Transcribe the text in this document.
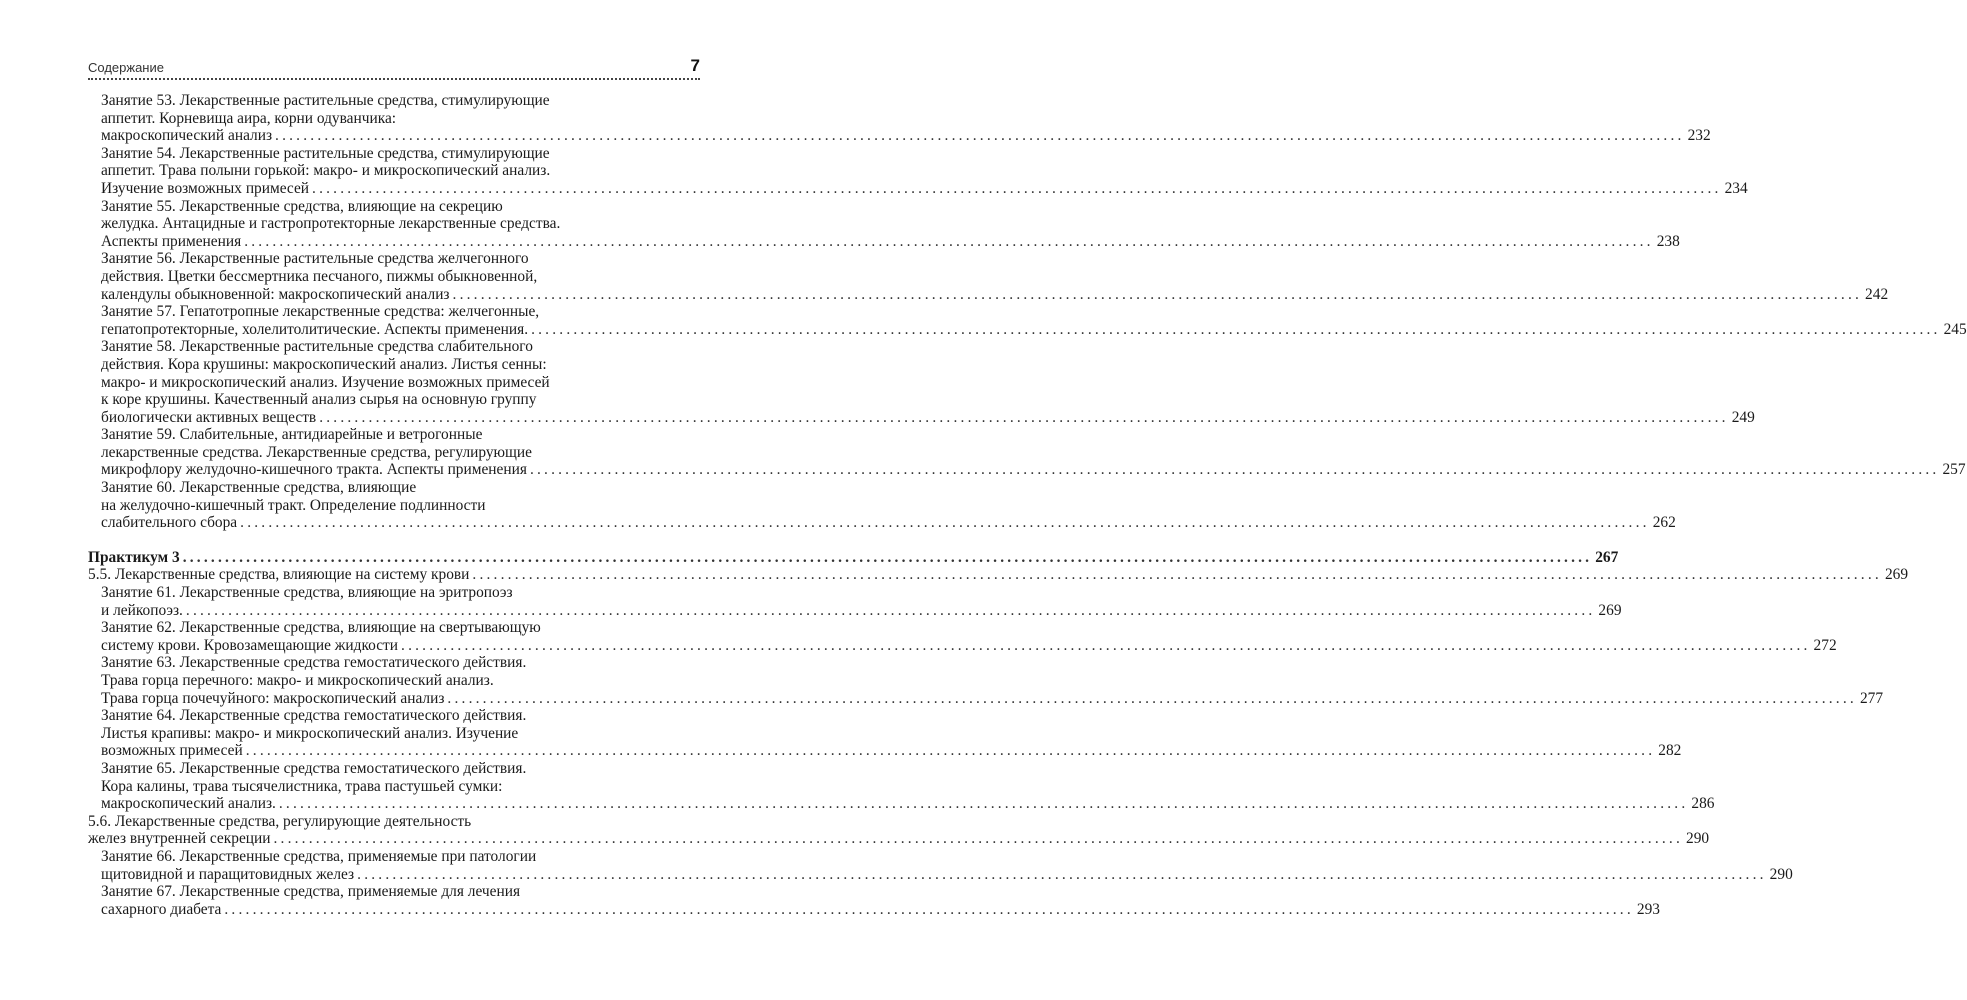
Содержание	7
Занятие 53. Лекарственные растительные средства, стимулирующие
аппетит. Корневища аира, корни одуванчика:
макроскопический анализ ........................................................................................................................................................................................................ 232
Занятие 54. Лекарственные растительные средства, стимулирующие
аппетит. Трава полыни горькой: макро- и микроскопический анализ.
Изучение возможных примесей ........................................................................................................................................................................................................ 234
Занятие 55. Лекарственные средства, влияющие на секрецию
желудка. Антацидные и гастропротекторные лекарственные средства.
Аспекты применения ........................................................................................................................................................................................................ 238
Занятие 56. Лекарственные растительные средства желчегонного
действия. Цветки бессмертника песчаного, пижмы обыкновенной,
календулы обыкновенной: макроскопический анализ ........................................................................................................................................................................................................ 242
Занятие 57. Гепатотропные лекарственные средства: желчегонные,
гепатопротекторные, холелитолитические. Аспекты применения. ........................................................................................................................................................................................................ 245
Занятие 58. Лекарственные растительные средства слабительного
действия. Кора крушины: макроскопический анализ. Листья сенны:
макро- и микроскопический анализ. Изучение возможных примесей
к коре крушины. Качественный анализ сырья на основную группу
биологически активных веществ ........................................................................................................................................................................................................ 249
Занятие 59. Слабительные, антидиарейные и ветрогонные
лекарственные средства. Лекарственные средства, регулирующие
микрофлору желудочно-кишечного тракта. Аспекты применения ........................................................................................................................................................................................................ 257
Занятие 60. Лекарственные средства, влияющие
на желудочно-кишечный тракт. Определение подлинности
слабительного сбора ........................................................................................................................................................................................................ 262
Практикум 3 ........................................................................................................................................................................................................ 267
5.5. Лекарственные средства, влияющие на систему крови ........................................................................................................................................................................................................ 269
Занятие 61. Лекарственные средства, влияющие на эритропоэз
и лейкопоэз. ........................................................................................................................................................................................................ 269
Занятие 62. Лекарственные средства, влияющие на свертывающую
систему крови. Кровозамещающие жидкости ........................................................................................................................................................................................................ 272
Занятие 63. Лекарственные средства гемостатического действия.
Трава горца перечного: макро- и микроскопический анализ.
Трава горца почечуйного: макроскопический анализ ........................................................................................................................................................................................................ 277
Занятие 64. Лекарственные средства гемостатического действия.
Листья крапивы: макро- и микроскопический анализ. Изучение
возможных примесей ........................................................................................................................................................................................................ 282
Занятие 65. Лекарственные средства гемостатического действия.
Кора калины, трава тысячелистника, трава пастушьей сумки:
макроскопический анализ. ........................................................................................................................................................................................................ 286
5.6. Лекарственные средства, регулирующие деятельность
желез внутренней секреции ........................................................................................................................................................................................................ 290
Занятие 66. Лекарственные средства, применяемые при патологии
щитовидной и паращитовидных желез ........................................................................................................................................................................................................ 290
Занятие 67. Лекарственные средства, применяемые для лечения
сахарного диабета ........................................................................................................................................................................................................ 293
